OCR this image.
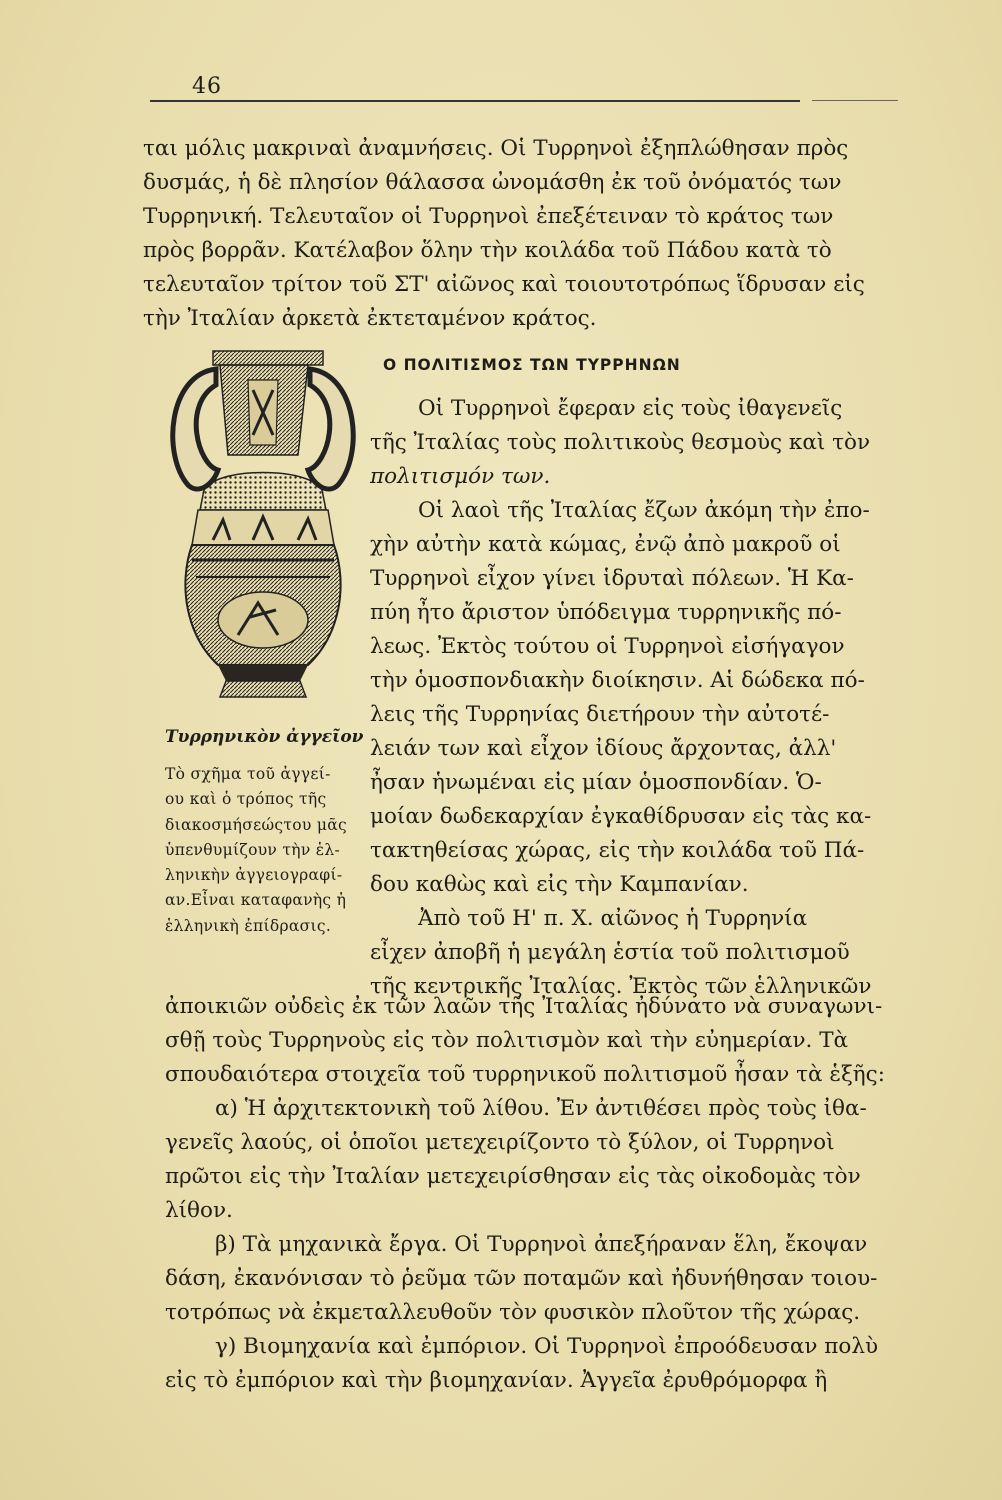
46
ται μόλις μακριναὶ ἀναμνήσεις. Οἱ Τυρρηνοὶ ἐξηπλώθησαν πρὸς
δυσμάς, ἡ δὲ πλησίον θάλασσα ὠνομάσθη ἐκ τοῦ ὀνόματός των
Τυρρηνική. Τελευταῖον οἱ Τυρρηνοὶ ἐπεξέτειναν τὸ κράτος των
πρὸς βορρᾶν. Κατέλαβον ὅλην τὴν κοιλάδα τοῦ Πάδου κατὰ τὸ
τελευταῖον τρίτον τοῦ ΣΤ' αἰῶνος καὶ τοιουτοτρόπως ἵδρυσαν εἰς
τὴν Ἰταλίαν ἀρκετὰ ἐκτεταμένον κράτος.
Ο ΠΟΛΙΤΙΣΜΟΣ ΤΩΝ ΤΥΡΡΗΝΩΝ
Οἱ Τυρρηνοὶ ἔφεραν εἰς τοὺς ἰθαγενεῖς
τῆς Ἰταλίας τοὺς πολιτικοὺς θεσμοὺς καὶ τὸν
πολιτισμόν των.
Οἱ λαοὶ τῆς Ἰταλίας ἔζων ἀκόμη τὴν ἐπο-
χὴν αὐτὴν κατὰ κώμας, ἐνῷ ἀπὸ μακροῦ οἱ
Τυρρηνοὶ εἶχον γίνει ἱδρυταὶ πόλεων. Ἡ Κα-
πύη ἦτο ἄριστον ὑπόδειγμα τυρρηνικῆς πό-
λεως. Ἐκτὸς τούτου οἱ Τυρρηνοὶ εἰσήγαγον
τὴν ὁμοσπονδιακὴν διοίκησιν. Αἱ δώδεκα πό-
λεις τῆς Τυρρηνίας διετήρουν τὴν αὐτοτέ-
λειάν των καὶ εἶχον ἰδίους ἄρχοντας, ἀλλ'
ἦσαν ἡνωμέναι εἰς μίαν ὁμοσπονδίαν. Ὁ-
μοίαν δωδεκαρχίαν ἐγκαθίδρυσαν εἰς τὰς κα-
τακτηθείσας χώρας, εἰς τὴν κοιλάδα τοῦ Πά-
δου καθὼς καὶ εἰς τὴν Καμπανίαν.
Ἀπὸ τοῦ Η' π. Χ. αἰῶνος ἡ Τυρρηνία
εἶχεν ἀποβῆ ἡ μεγάλη ἑστία τοῦ πολιτισμοῦ
τῆς κεντρικῆς Ἰταλίας. Ἐκτὸς τῶν ἑλληνικῶν
Τυρρηνικὸν ἀγγεῖον
Τὸ σχῆμα τοῦ ἀγγεί-
ου καὶ ὁ τρόπος τῆς
διακοσμήσεώςτου μᾶς
ὑπενθυμίζουν τὴν ἑλ-
ληνικὴν ἀγγειογραφί-
αν.Εἶναι καταφανὴς ἡ
ἑλληνικὴ ἐπίδρασις.
ἀποικιῶν οὐδεὶς ἐκ τῶν λαῶν τῆς Ἰταλίας ἠδύνατο νὰ συναγωνι-
σθῇ τοὺς Τυρρηνοὺς εἰς τὸν πολιτισμὸν καὶ τὴν εὐημερίαν. Τὰ
σπουδαιότερα στοιχεῖα τοῦ τυρρηνικοῦ πολιτισμοῦ ἦσαν τὰ ἑξῆς:
α) Ἡ ἀρχιτεκτονικὴ τοῦ λίθου. Ἐν ἀντιθέσει πρὸς τοὺς ἰθα-
γενεῖς λαούς, οἱ ὁποῖοι μετεχειρίζοντο τὸ ξύλον, οἱ Τυρρηνοὶ
πρῶτοι εἰς τὴν Ἰταλίαν μετεχειρίσθησαν εἰς τὰς οἰκοδομὰς τὸν
λίθον.
β) Τὰ μηχανικὰ ἔργα. Οἱ Τυρρηνοὶ ἀπεξήραναν ἕλη, ἔκοψαν
δάση, ἐκανόνισαν τὸ ῥεῦμα τῶν ποταμῶν καὶ ἠδυνήθησαν τοιου-
τοτρόπως νὰ ἐκμεταλλευθοῦν τὸν φυσικὸν πλοῦτον τῆς χώρας.
γ) Βιομηχανία καὶ ἐμπόριον. Οἱ Τυρρηνοὶ ἐπροόδευσαν πολὺ
εἰς τὸ ἐμπόριον καὶ τὴν βιομηχανίαν. Ἀγγεῖα ἐρυθρόμορφα ἢ
